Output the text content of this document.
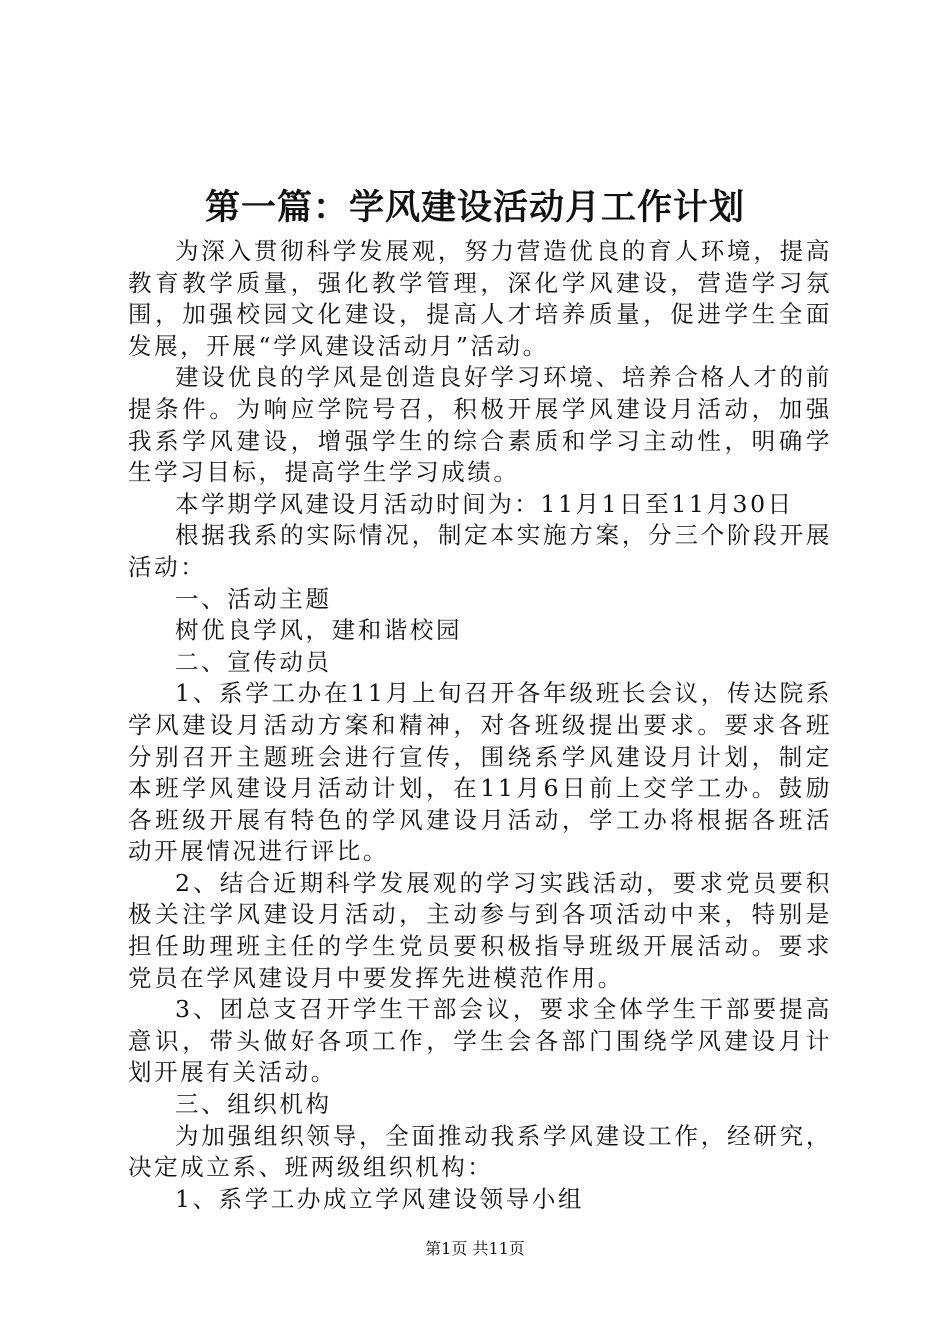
第一篇：学风建设活动月工作计划

为深入贯彻科学发展观，努力营造优良的育人环境，提高教育教学质量，强化教学管理，深化学风建设，营造学习氛围，加强校园文化建设，提高人才培养质量，促进学生全面发展，开展“学风建设活动月”活动。

建设优良的学风是创造良好学习环境、培养合格人才的前提条件。为响应学院号召，积极开展学风建设月活动，加强我系学风建设，增强学生的综合素质和学习主动性，明确学生学习目标，提高学生学习成绩。

本学期学风建设月活动时间为：11月1日至11月30日

根据我系的实际情况，制定本实施方案，分三个阶段开展活动：

一、活动主题

树优良学风，建和谐校园

二、宣传动员

1、系学工办在11月上旬召开各年级班长会议，传达院系学风建设月活动方案和精神，对各班级提出要求。要求各班分别召开主题班会进行宣传，围绕系学风建设月计划，制定本班学风建设月活动计划，在11月6日前上交学工办。鼓励各班级开展有特色的学风建设月活动，学工办将根据各班活动开展情况进行评比。

2、结合近期科学发展观的学习实践活动，要求党员要积极关注学风建设月活动，主动参与到各项活动中来，特别是担任助理班主任的学生党员要积极指导班级开展活动。要求党员在学风建设月中要发挥先进模范作用。

3、团总支召开学生干部会议，要求全体学生干部要提高意识，带头做好各项工作，学生会各部门围绕学风建设月计划开展有关活动。

三、组织机构

为加强组织领导，全面推动我系学风建设工作，经研究，决定成立系、班两级组织机构：

1、系学工办成立学风建设领导小组

第1页 共11页
